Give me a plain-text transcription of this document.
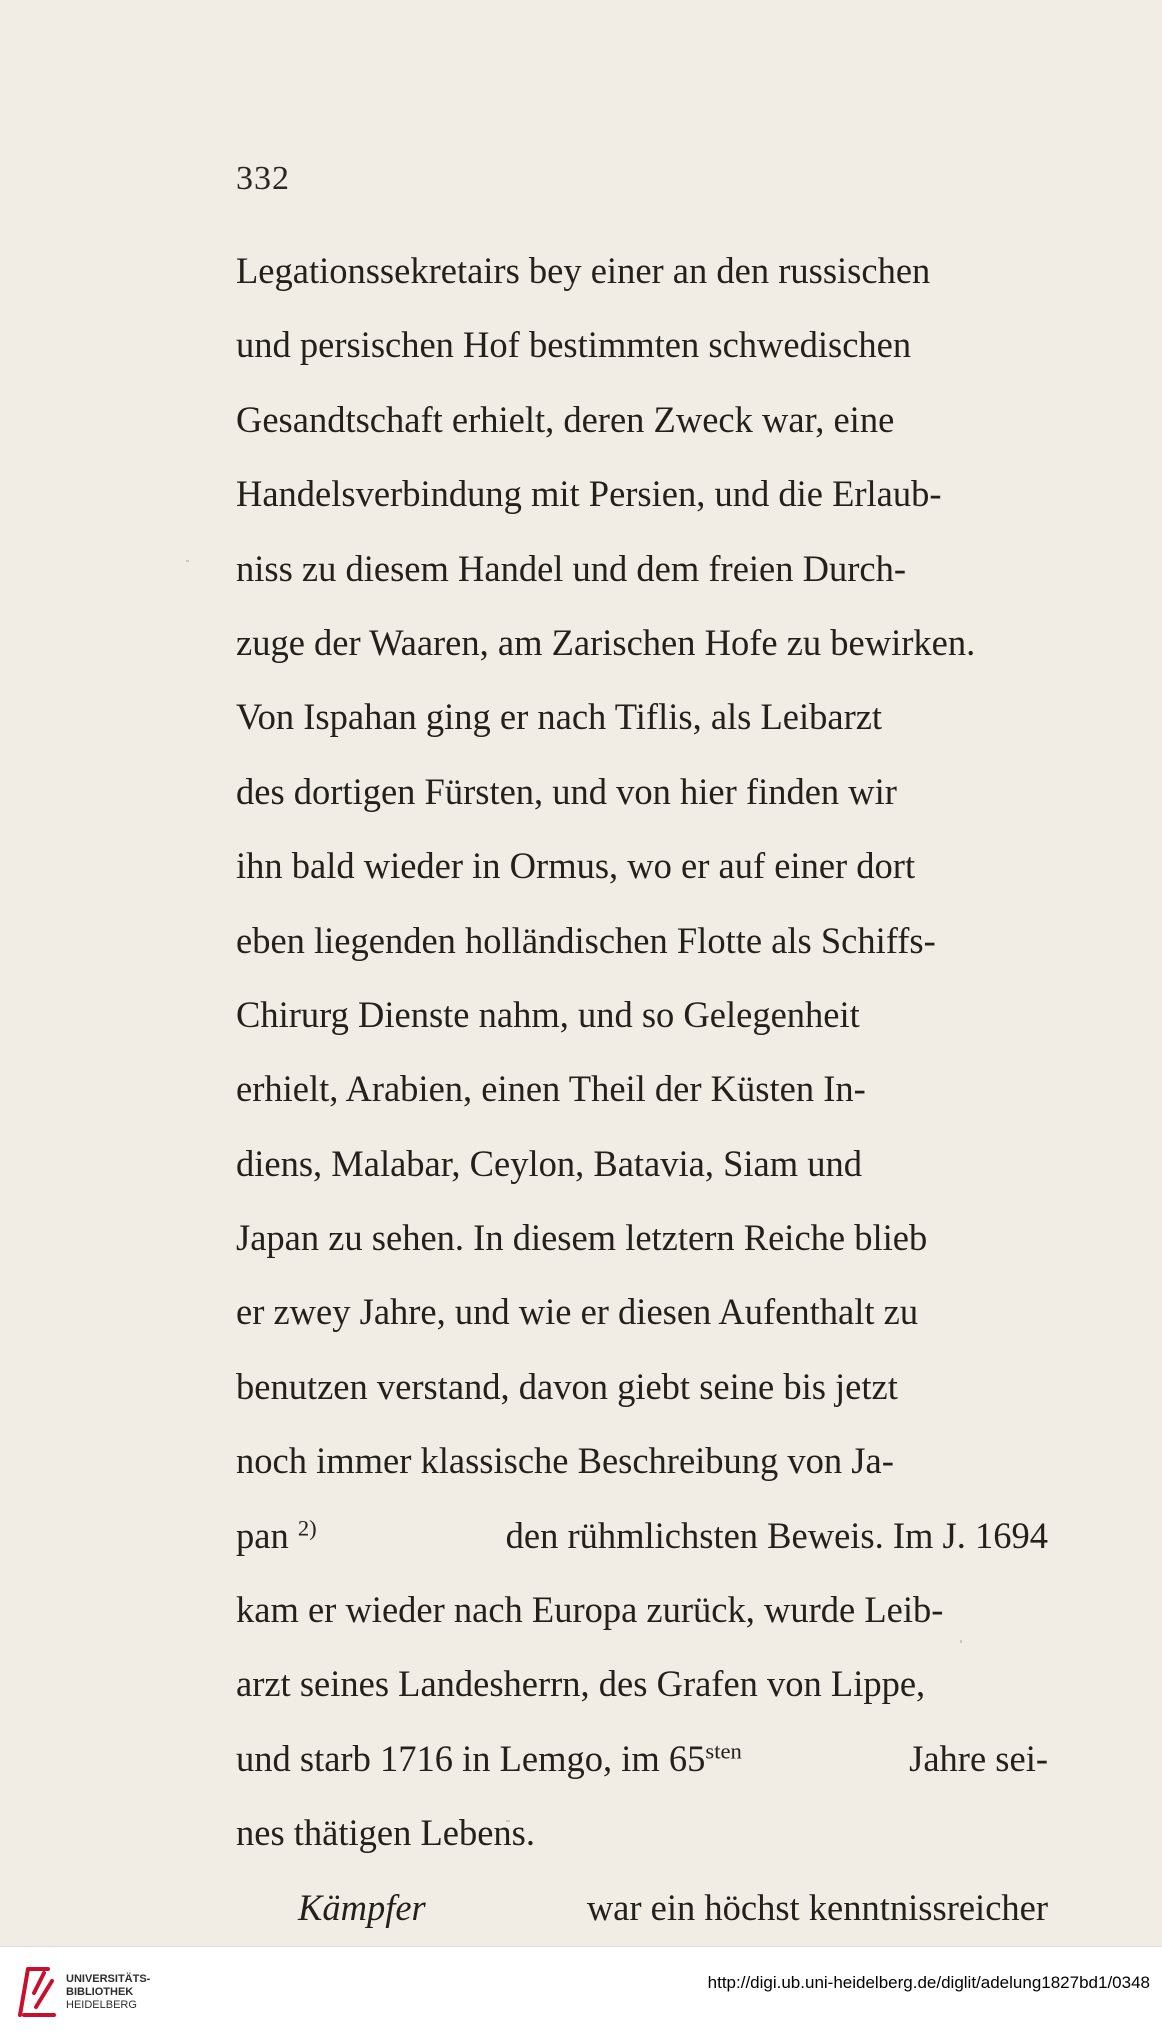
332
Legationssekretairs bey einer an den russischen
und persischen Hof bestimmten schwedischen
Gesandtschaft erhielt, deren Zweck war, eine
Handelsverbindung mit Persien, und die Erlaub-
niss zu diesem Handel und dem freien Durch-
zuge der Waaren, am Zarischen Hofe zu bewirken.
Von Ispahan ging er nach Tiflis, als Leibarzt
des dortigen Fürsten, und von hier finden wir
ihn bald wieder in Ormus, wo er auf einer dort
eben liegenden holländischen Flotte als Schiffs-
Chirurg Dienste nahm, und so Gelegenheit
erhielt, Arabien, einen Theil der Küsten In-
diens, Malabar, Ceylon, Batavia, Siam und
Japan zu sehen. In diesem letztern Reiche blieb
er zwey Jahre, und wie er diesen Aufenthalt zu
benutzen verstand, davon giebt seine bis jetzt
noch immer klassische Beschreibung von Ja-
pan $^{2)}$	den rühmlichsten Beweis. Im J. 1694
kam er wieder nach Europa zurück, wurde Leib-
arzt seines Landesherrn, des Grafen von Lippe,
und starb 1716 in Lemgo, im $65^{sten}$	Jahre sei-
nes thätigen Lebens.
Kämpfer	war ein höchst kenntnissreicher
UNIVERSITÄTS-
BIBLIOTHEK
HEIDELBERG
http://digi.ub.uni-heidelberg.de/diglit/adelung1827bd1/0348
